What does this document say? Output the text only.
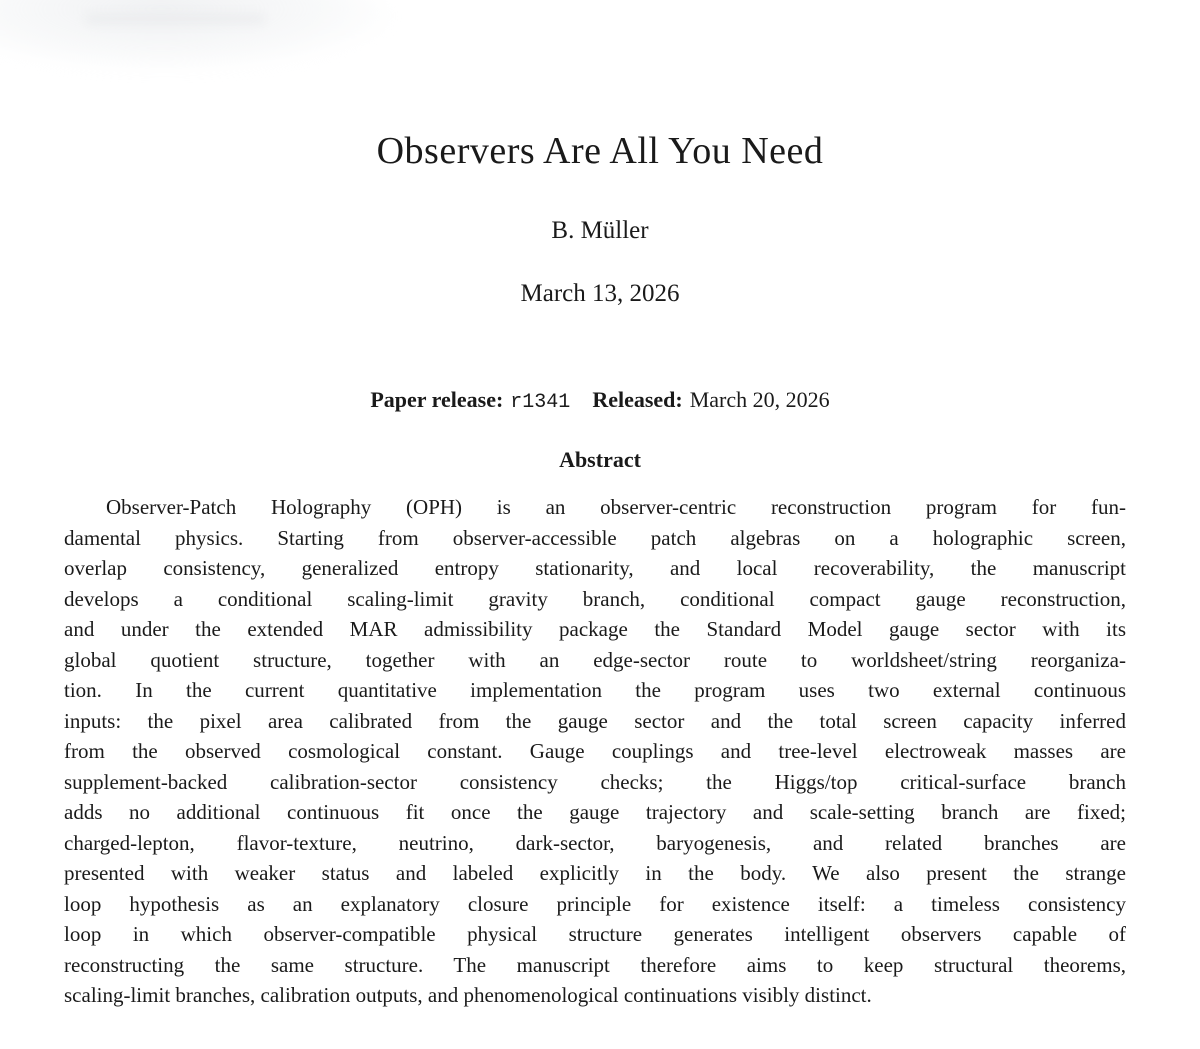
Observers Are All You Need
B. Müller
March 13, 2026
Paper release: r1341 Released: March 20, 2026
Abstract
Observer-Patch Holography (OPH) is an observer-centric reconstruction program for fun-
damental physics. Starting from observer-accessible patch algebras on a holographic screen,
overlap consistency, generalized entropy stationarity, and local recoverability, the manuscript
develops a conditional scaling-limit gravity branch, conditional compact gauge reconstruction,
and under the extended MAR admissibility package the Standard Model gauge sector with its
global quotient structure, together with an edge-sector route to worldsheet/string reorganiza-
tion. In the current quantitative implementation the program uses two external continuous
inputs: the pixel area calibrated from the gauge sector and the total screen capacity inferred
from the observed cosmological constant. Gauge couplings and tree-level electroweak masses are
supplement-backed calibration-sector consistency checks; the Higgs/top critical-surface branch
adds no additional continuous fit once the gauge trajectory and scale-setting branch are fixed;
charged-lepton, flavor-texture, neutrino, dark-sector, baryogenesis, and related branches are
presented with weaker status and labeled explicitly in the body. We also present the strange
loop hypothesis as an explanatory closure principle for existence itself: a timeless consistency
loop in which observer-compatible physical structure generates intelligent observers capable of
reconstructing the same structure. The manuscript therefore aims to keep structural theorems,
scaling-limit branches, calibration outputs, and phenomenological continuations visibly distinct.
